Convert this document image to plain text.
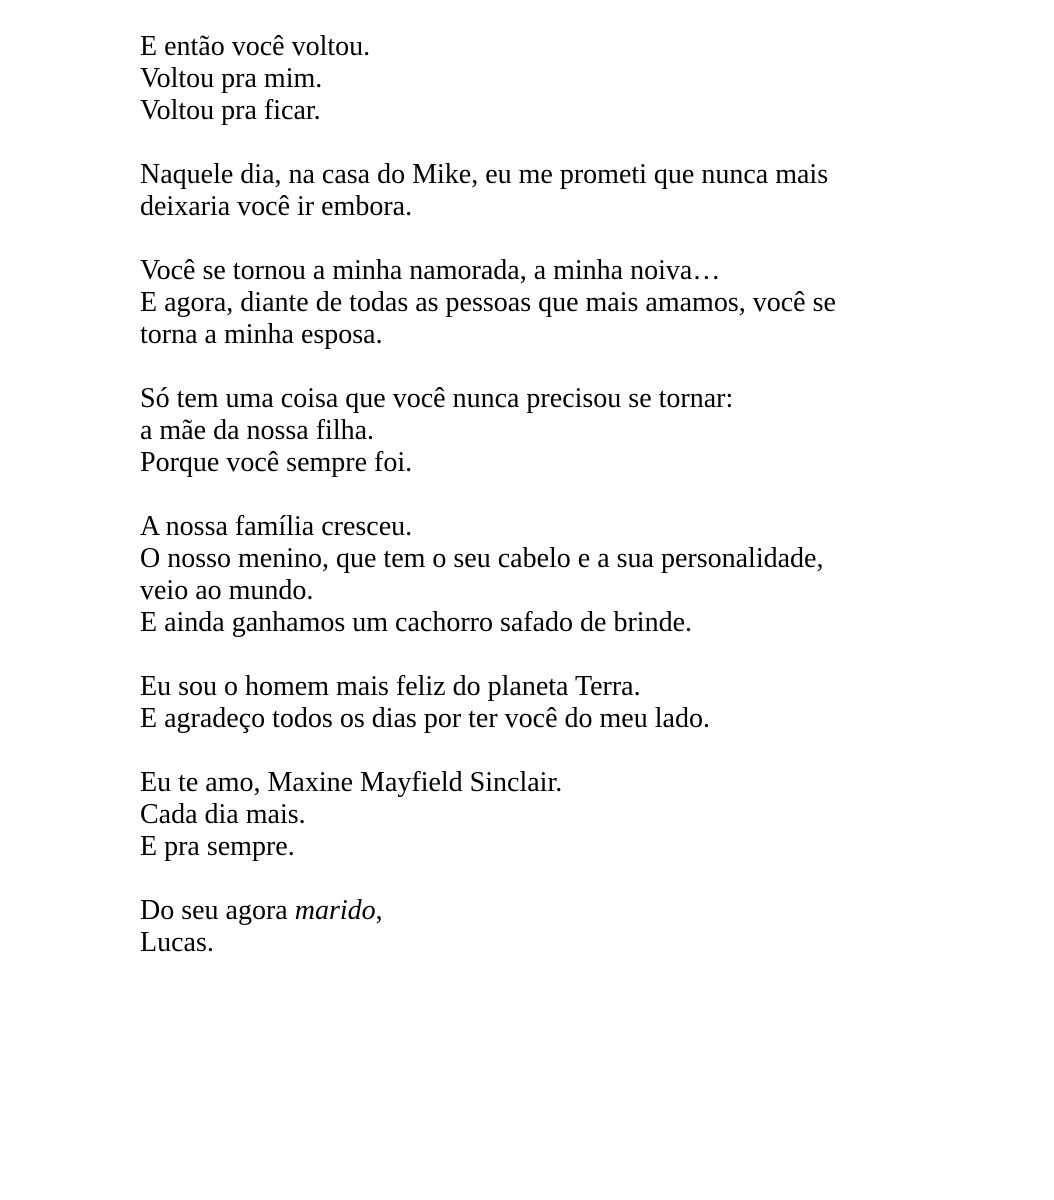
E então você voltou.
Voltou pra mim.
Voltou pra ficar.
Naquele dia, na casa do Mike, eu me prometi que nunca mais
deixaria você ir embora.
Você se tornou a minha namorada, a minha noiva…
E agora, diante de todas as pessoas que mais amamos, você se
torna a minha esposa.
Só tem uma coisa que você nunca precisou se tornar:
a mãe da nossa filha.
Porque você sempre foi.
A nossa família cresceu.
O nosso menino, que tem o seu cabelo e a sua personalidade,
veio ao mundo.
E ainda ganhamos um cachorro safado de brinde.
Eu sou o homem mais feliz do planeta Terra.
E agradeço todos os dias por ter você do meu lado.
Eu te amo, Maxine Mayfield Sinclair.
Cada dia mais.
E pra sempre.
Do seu agora marido,
Lucas.
